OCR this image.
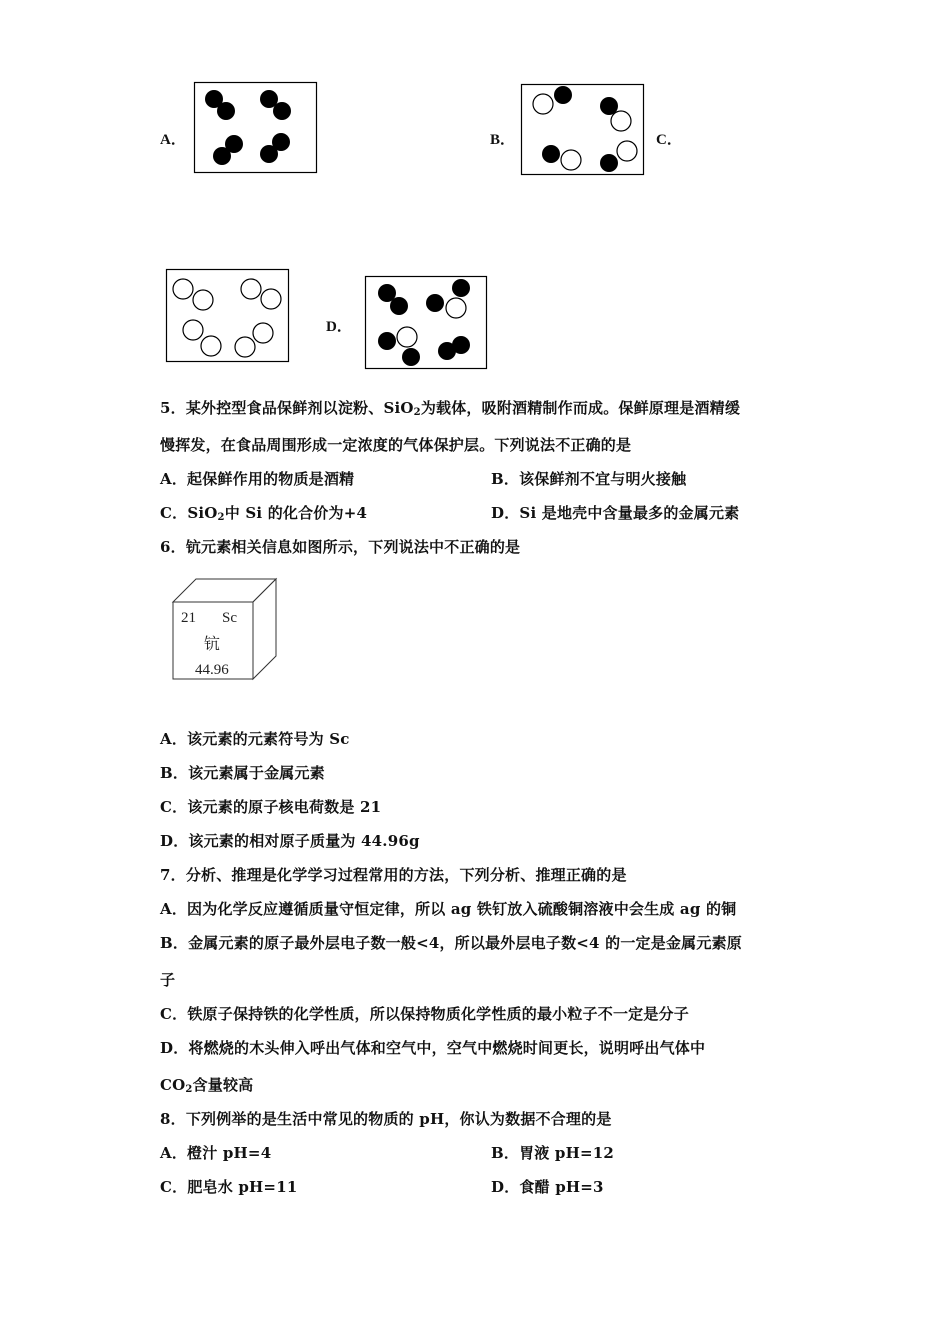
A．	B．	C．
D．
5．某外控型食品保鲜剂以淀粉、SiO$_2$为载体，吸附酒精制作而成。保鲜原理是酒精缓
慢挥发，在食品周围形成一定浓度的气体保护层。下列说法不正确的是
A．起保鲜作用的物质是酒精	B．该保鲜剂不宜与明火接触
C．SiO$_2$中 Si 的化合价为+4	D．Si 是地壳中含量最多的金属元素
6．钪元素相关信息如图所示，下列说法中不正确的是
21 Sc
钪
44.96
A．该元素的元素符号为 Sc
B．该元素属于金属元素
C．该元素的原子核电荷数是 21
D．该元素的相对原子质量为 44.96g
7．分析、推理是化学学习过程常用的方法，下列分析、推理正确的是
A．因为化学反应遵循质量守恒定律，所以 ag 铁钉放入硫酸铜溶液中会生成 ag 的铜
B．金属元素的原子最外层电子数一般<4，所以最外层电子数<4 的一定是金属元素原
子
C．铁原子保持铁的化学性质，所以保持物质化学性质的最小粒子不一定是分子
D．将燃烧的木头伸入呼出气体和空气中，空气中燃烧时间更长，说明呼出气体中
$CO_2$含量较高
8．下列例举的是生活中常见的物质的 pH，你认为数据不合理的是
A．橙汁 pH=4	B．胃液 pH=12
C．肥皂水 pH=11	D．食醋 pH=3
